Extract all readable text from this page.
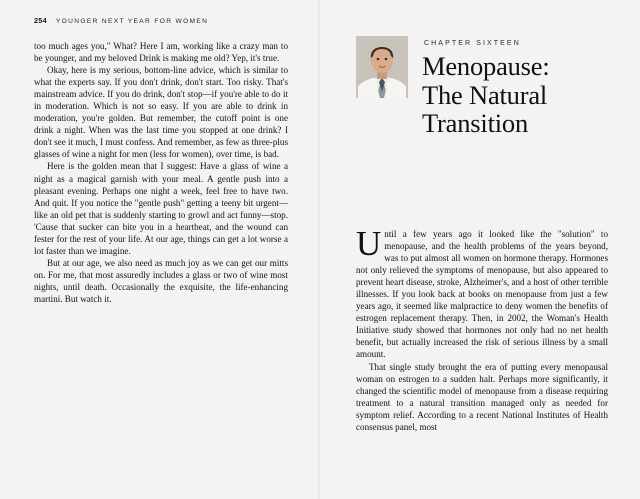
254 YOUNGER NEXT YEAR FOR WOMEN

too much ages you," What? Here I am, working like a crazy man to be younger, and my beloved Drink is making me old? Yep, it's true.

Okay, here is my serious, bottom-line advice, which is similar to what the experts say. If you don't drink, don't start. Too risky. That's mainstream advice. If you do drink, don't stop—if you're able to do it in moderation. Which is not so easy. If you are able to drink in moderation, you're golden. But remember, the cutoff point is one drink a night. When was the last time you stopped at one drink? I don't see it much, I must confess. And remember, as few as three-plus glasses of wine a night for men (less for women), over time, is bad.

Here is the golden mean that I suggest: Have a glass of wine a night as a magical garnish with your meal. A gentle push into a pleasant evening. Perhaps one night a week, feel free to have two. And quit. If you notice the "gentle push" getting a teeny bit urgent—like an old pet that is suddenly starting to growl and act funny—stop. 'Cause that sucker can bite you in a heartbeat, and the wound can fester for the rest of your life. At our age, things can get a lot worse a lot faster than we imagine.

But at our age, we also need as much joy as we can get our mitts on. For me, that most assuredly includes a glass or two of wine most nights, until death. Occasionally the exquisite, the life-enhancing martini. But watch it.

CHAPTER SIXTEEN
Menopause:
The Natural
Transition

Until a few years ago it looked like the "solution" to menopause, and the health problems of the years beyond, was to put almost all women on hormone therapy. Hormones not only relieved the symptoms of menopause, but also appeared to prevent heart disease, stroke, Alzheimer's, and a host of other terrible illnesses. If you look back at books on menopause from just a few years ago, it seemed like malpractice to deny women the benefits of estrogen replacement therapy. Then, in 2002, the Woman's Health Initiative study showed that hormones not only had no net health benefit, but actually increased the risk of serious illness by a small amount.

That single study brought the era of putting every menopausal woman on estrogen to a sudden halt. Perhaps more significantly, it changed the scientific model of menopause from a disease requiring treatment to a natural transition managed only as needed for symptom relief. According to a recent National Institutes of Health consensus panel, most
